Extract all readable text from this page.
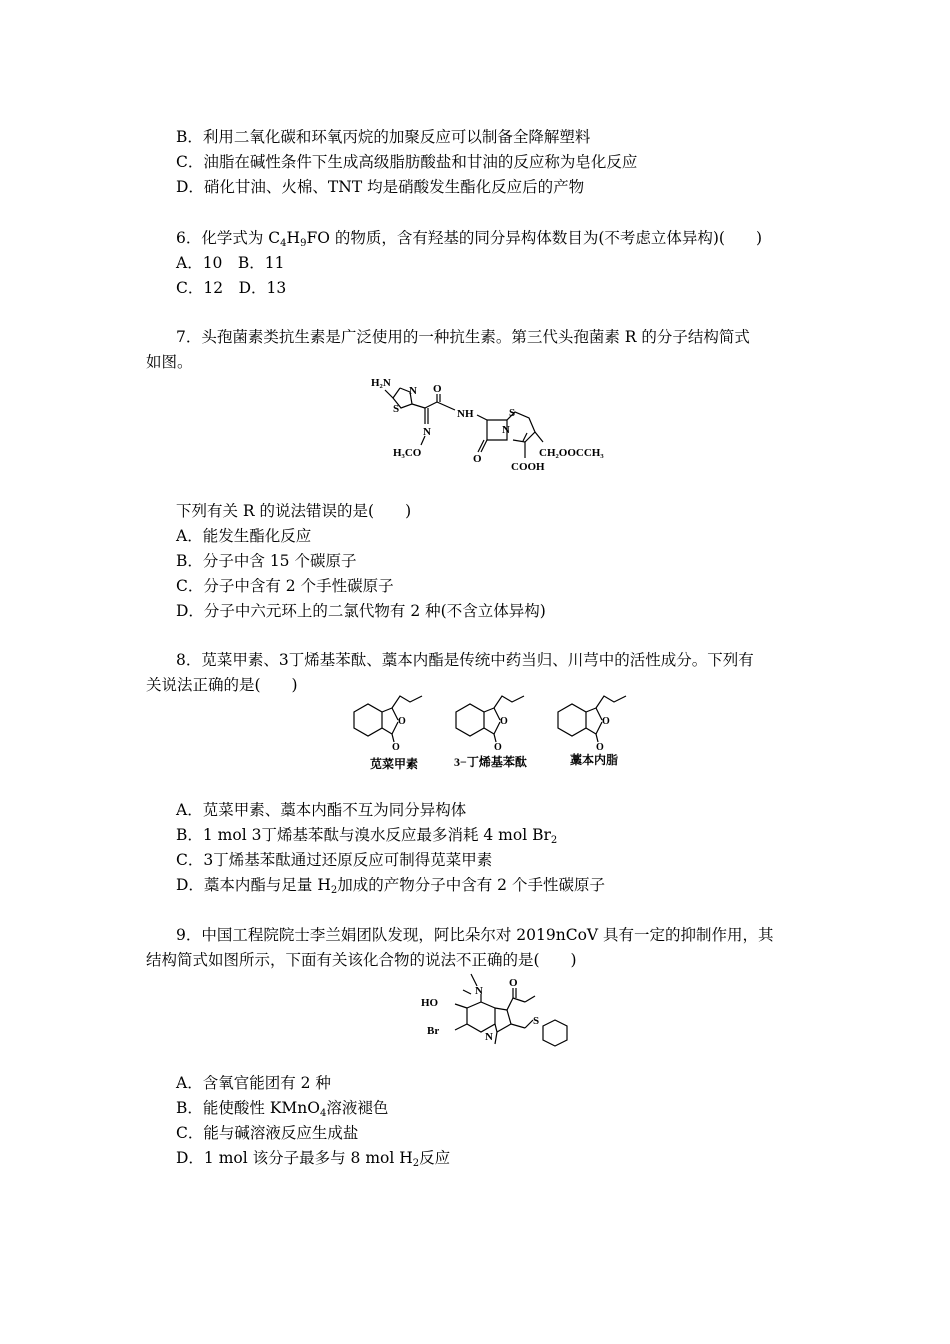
B．利用二氧化碳和环氧丙烷的加聚反应可以制备全降解塑料
C．油脂在碱性条件下生成高级脂肪酸盐和甘油的反应称为皂化反应
D．硝化甘油、火棉、TNT 均是硝酸发生酯化反应后的产物
6．化学式为 $C_4H_9FO$ 的物质，含有羟基的同分异构体数目为(不考虑立体异构)(　　)
A．10　B．11
C．12　D．13
7．头孢菌素类抗生素是广泛使用的一种抗生素。第三代头孢菌素 R 的分子结构简式
如图。
H₂N
N
S
O
NH	S
N
N
O
H₃CO	CH₂OOCCH₃
COOH
下列有关 R 的说法错误的是(　　)
A．能发生酯化反应
B．分子中含 15 个碳原子
C．分子中含有 2 个手性碳原子
D．分子中六元环上的二氯代物有 2 种(不含立体异构)
8．苋菜甲素、3丁烯基苯酞、藁本内酯是传统中药当归、川芎中的活性成分。下列有
关说法正确的是(　　)
O
O
O
O
O
O
苋菜甲素	3−丁烯基苯酞	藁本内脂
A．苋菜甲素、藁本内酯不互为同分异构体
B．1 mol 3丁烯基苯酞与溴水反应最多消耗 4 mol $Br_2$
C．3丁烯基苯酞通过还原反应可制得苋菜甲素
D．藁本内酯与足量 $H_2$加成的产物分子中含有 2 个手性碳原子
9．中国工程院院士李兰娟团队发现，阿比朵尔对 2019nCoV 具有一定的抑制作用，其
结构简式如图所示，下面有关该化合物的说法不正确的是(　　)
N
HO
Br	N
S
O
A．含氧官能团有 2 种
B．能使酸性 KMnO$_4$溶液褪色
C．能与碱溶液反应生成盐
D．1 mol 该分子最多与 8 mol $H_2$反应
